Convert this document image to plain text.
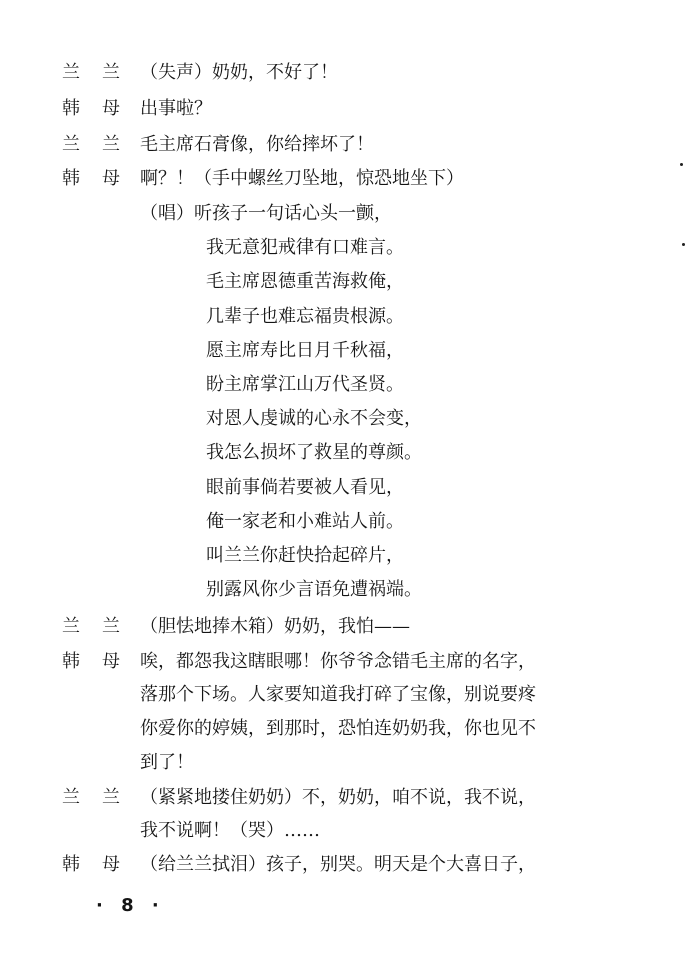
兰兰
（失声）奶奶，不好了！
韩母
出事啦？
兰兰
毛主席石膏像，你给摔坏了！
韩母
啊？！（手中螺丝刀坠地，惊恐地坐下）
（唱）听孩子一句话心头一颤，
我无意犯戒律有口难言。
毛主席恩德重苦海救俺，
几辈子也难忘福贵根源。
愿主席寿比日月千秋福，
盼主席掌江山万代圣贤。
对恩人虔诚的心永不会变，
我怎么损坏了救星的尊颜。
眼前事倘若要被人看见，
俺一家老和小难站人前。
叫兰兰你赶快拾起碎片，
别露风你少言语免遭祸端。
兰兰
（胆怯地捧木箱）奶奶，我怕——
韩母
唉，都怨我这瞎眼哪！你爷爷念错毛主席的名字，
落那个下场。人家要知道我打碎了宝像，别说要疼
你爱你的婷姨，到那时，恐怕连奶奶我，你也见不
到了！
兰兰
（紧紧地搂住奶奶）不，奶奶，咱不说，我不说，
我不说啊！（哭）……
韩母
（给兰兰拭泪）孩子，别哭。明天是个大喜日子，
· 8 ·
